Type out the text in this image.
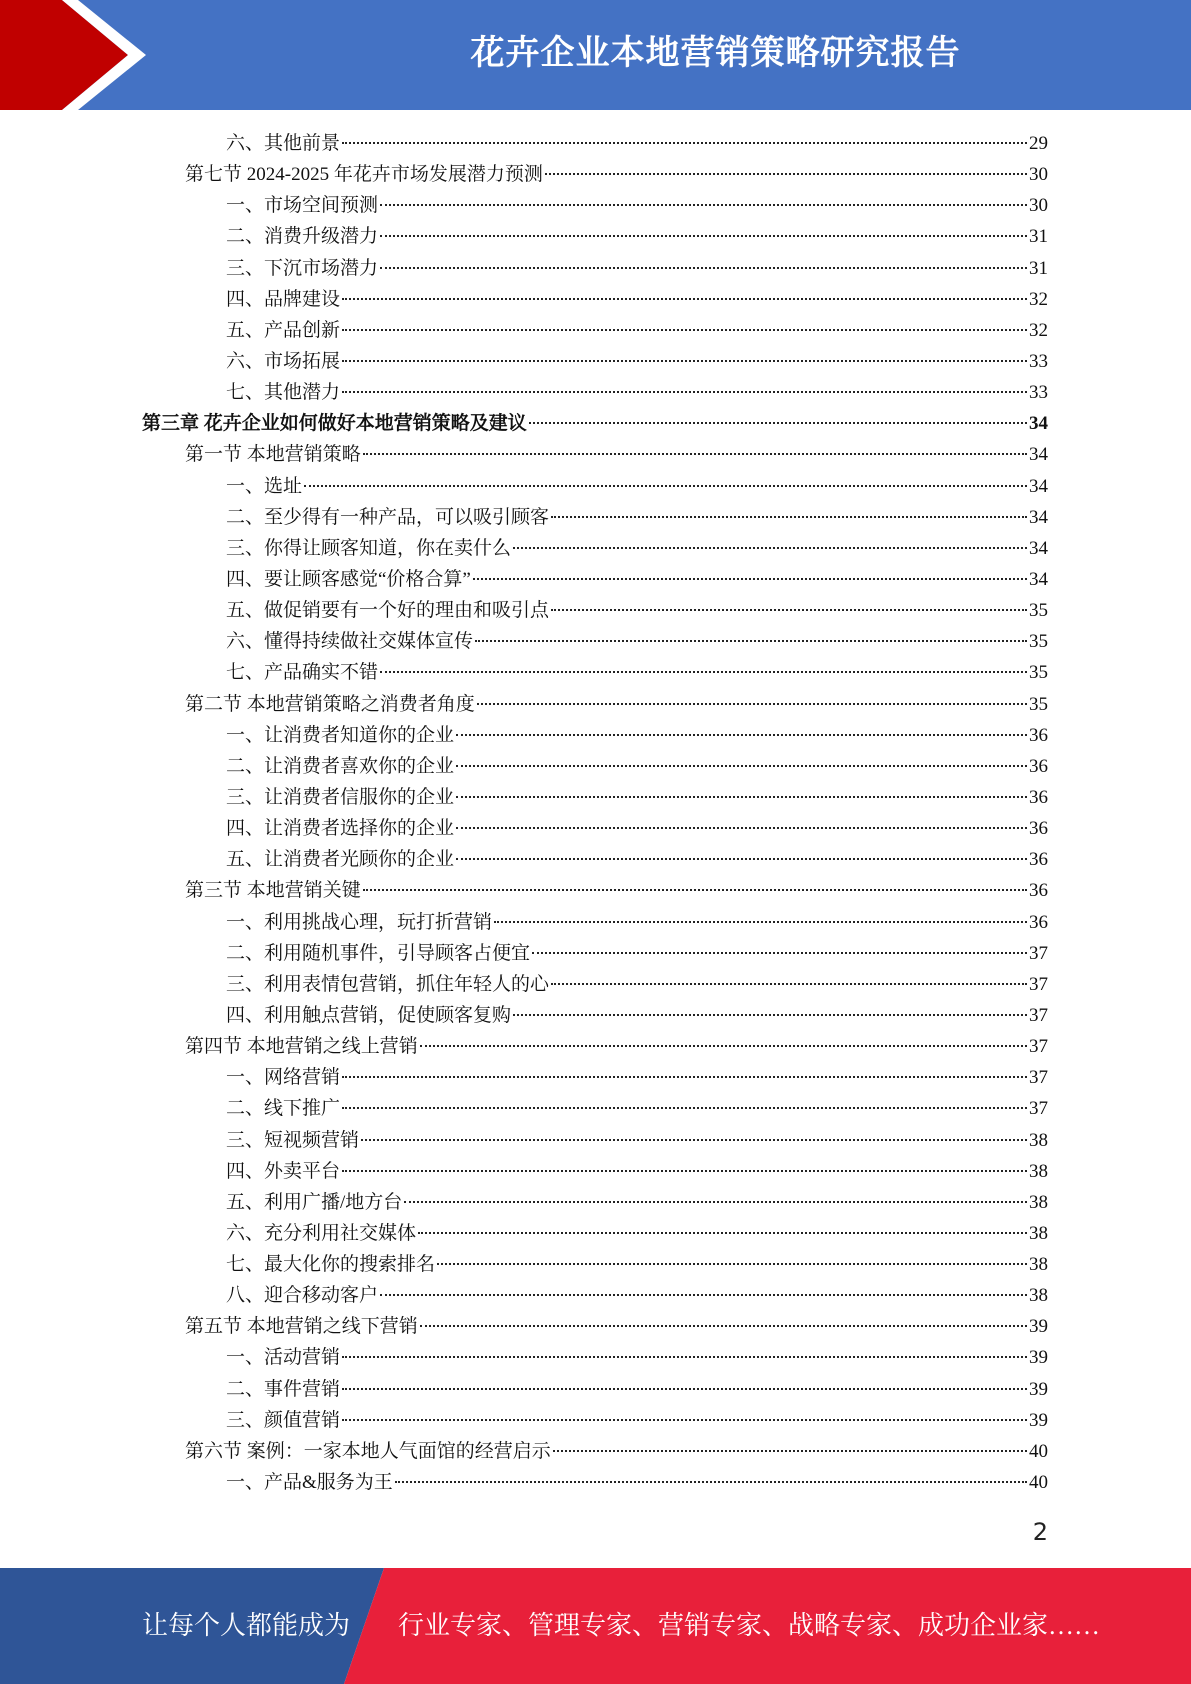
花卉企业本地营销策略研究报告
六、其他前景	29
第七节 2024-2025 年花卉市场发展潜力预测	30
一、市场空间预测	30
二、消费升级潜力	31
三、下沉市场潜力	31
四、品牌建设	32
五、产品创新	32
六、市场拓展	33
七、其他潜力	33
第三章 花卉企业如何做好本地营销策略及建议	34
第一节 本地营销策略	34
一、选址	34
二、至少得有一种产品，可以吸引顾客	34
三、你得让顾客知道，你在卖什么	34
四、要让顾客感觉“价格合算”	34
五、做促销要有一个好的理由和吸引点	35
六、懂得持续做社交媒体宣传	35
七、产品确实不错	35
第二节 本地营销策略之消费者角度	35
一、让消费者知道你的企业	36
二、让消费者喜欢你的企业	36
三、让消费者信服你的企业	36
四、让消费者选择你的企业	36
五、让消费者光顾你的企业	36
第三节 本地营销关键	36
一、利用挑战心理，玩打折营销	36
二、利用随机事件，引导顾客占便宜	37
三、利用表情包营销，抓住年轻人的心	37
四、利用触点营销，促使顾客复购	37
第四节 本地营销之线上营销	37
一、网络营销	37
二、线下推广	37
三、短视频营销	38
四、外卖平台	38
五、利用广播/地方台	38
六、充分利用社交媒体	38
七、最大化你的搜索排名	38
八、迎合移动客户	38
第五节 本地营销之线下营销	39
一、活动营销	39
二、事件营销	39
三、颜值营销	39
第六节 案例：一家本地人气面馆的经营启示	40
一、产品&服务为王	40
2
让每个人都能成为 行业专家、管理专家、营销专家、战略专家、成功企业家……
